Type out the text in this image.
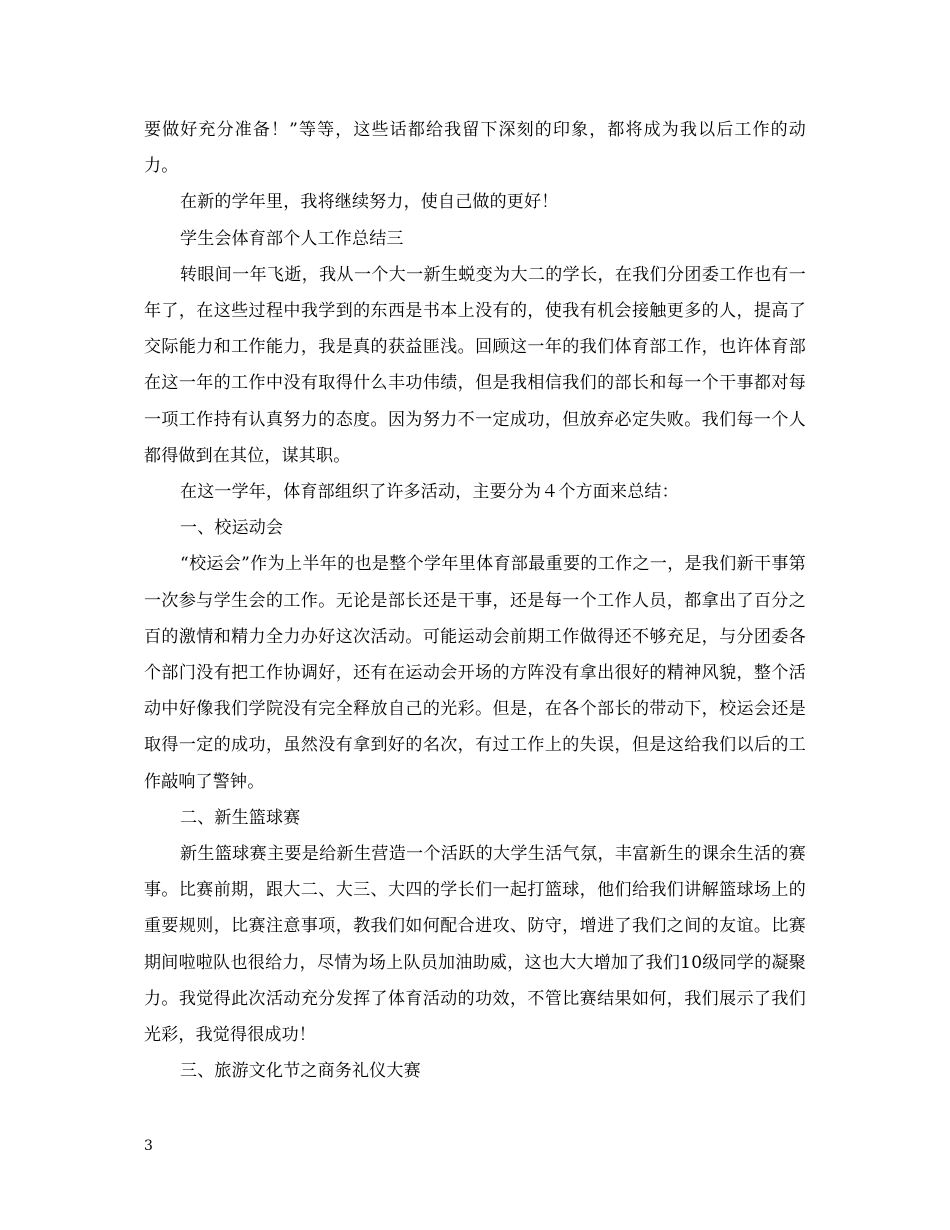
要做好充分准备！”等等，这些话都给我留下深刻的印象，都将成为我以后工作的动力。

在新的学年里，我将继续努力，使自己做的更好！

学生会体育部个人工作总结三

转眼间一年飞逝，我从一个大一新生蜕变为大二的学长，在我们分团委工作也有一年了，在这些过程中我学到的东西是书本上没有的，使我有机会接触更多的人，提高了交际能力和工作能力，我是真的获益匪浅。回顾这一年的我们体育部工作，也许体育部在这一年的工作中没有取得什么丰功伟绩，但是我相信我们的部长和每一个干事都对每一项工作持有认真努力的态度。因为努力不一定成功，但放弃必定失败。我们每一个人都得做到在其位，谋其职。

在这一学年，体育部组织了许多活动，主要分为４个方面来总结：

一、校运动会

“校运会”作为上半年的也是整个学年里体育部最重要的工作之一，是我们新干事第一次参与学生会的工作。无论是部长还是干事，还是每一个工作人员，都拿出了百分之百的激情和精力全力办好这次活动。可能运动会前期工作做得还不够充足，与分团委各个部门没有把工作协调好，还有在运动会开场的方阵没有拿出很好的精神风貌，整个活动中好像我们学院没有完全释放自己的光彩。但是，在各个部长的带动下，校运会还是取得一定的成功，虽然没有拿到好的名次，有过工作上的失误，但是这给我们以后的工作敲响了警钟。

二、新生篮球赛

新生篮球赛主要是给新生营造一个活跃的大学生活气氛，丰富新生的课余生活的赛事。比赛前期，跟大二、大三、大四的学长们一起打篮球，他们给我们讲解篮球场上的重要规则，比赛注意事项，教我们如何配合进攻、防守，增进了我们之间的友谊。比赛期间啦啦队也很给力，尽情为场上队员加油助威，这也大大增加了我们10级同学的凝聚力。我觉得此次活动充分发挥了体育活动的功效，不管比赛结果如何，我们展示了我们光彩，我觉得很成功！

三、旅游文化节之商务礼仪大赛

3
